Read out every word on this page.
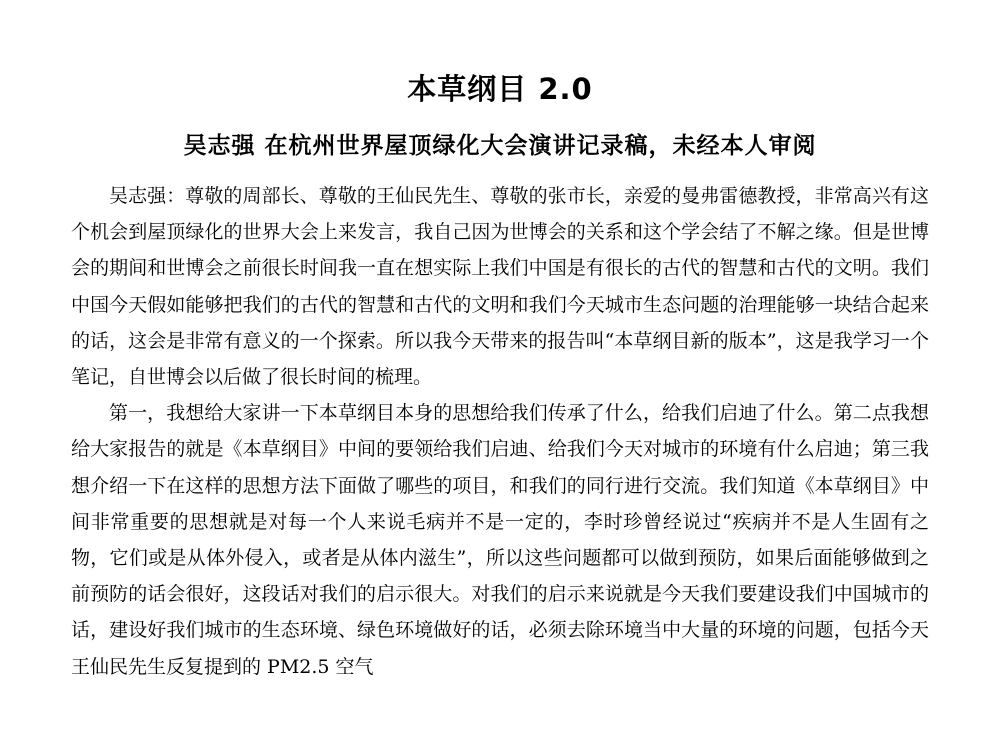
本草纲目 2.0
吴志强 在杭州世界屋顶绿化大会演讲记录稿，未经本人审阅

吴志强：尊敬的周部长、尊敬的王仙民先生、尊敬的张市长，亲爱的曼弗雷德教授，非常高兴有这个机会到屋顶绿化的世界大会上来发言，我自己因为世博会的关系和这个学会结了不解之缘。但是世博会的期间和世博会之前很长时间我一直在想实际上我们中国是有很长的古代的智慧和古代的文明。我们中国今天假如能够把我们的古代的智慧和古代的文明和我们今天城市生态问题的治理能够一块结合起来的话，这会是非常有意义的一个探索。所以我今天带来的报告叫“本草纲目新的版本”，这是我学习一个笔记，自世博会以后做了很长时间的梳理。

第一，我想给大家讲一下本草纲目本身的思想给我们传承了什么，给我们启迪了什么。第二点我想给大家报告的就是《本草纲目》中间的要领给我们启迪、给我们今天对城市的环境有什么启迪；第三我想介绍一下在这样的思想方法下面做了哪些的项目，和我们的同行进行交流。我们知道《本草纲目》中间非常重要的思想就是对每一个人来说毛病并不是一定的，李时珍曾经说过“疾病并不是人生固有之物，它们或是从体外侵入，或者是从体内滋生”，所以这些问题都可以做到预防，如果后面能够做到之前预防的话会很好，这段话对我们的启示很大。对我们的启示来说就是今天我们要建设我们中国城市的话，建设好我们城市的生态环境、绿色环境做好的话，必须去除环境当中大量的环境的问题，包括今天王仙民先生反复提到的 PM2.5 空气
